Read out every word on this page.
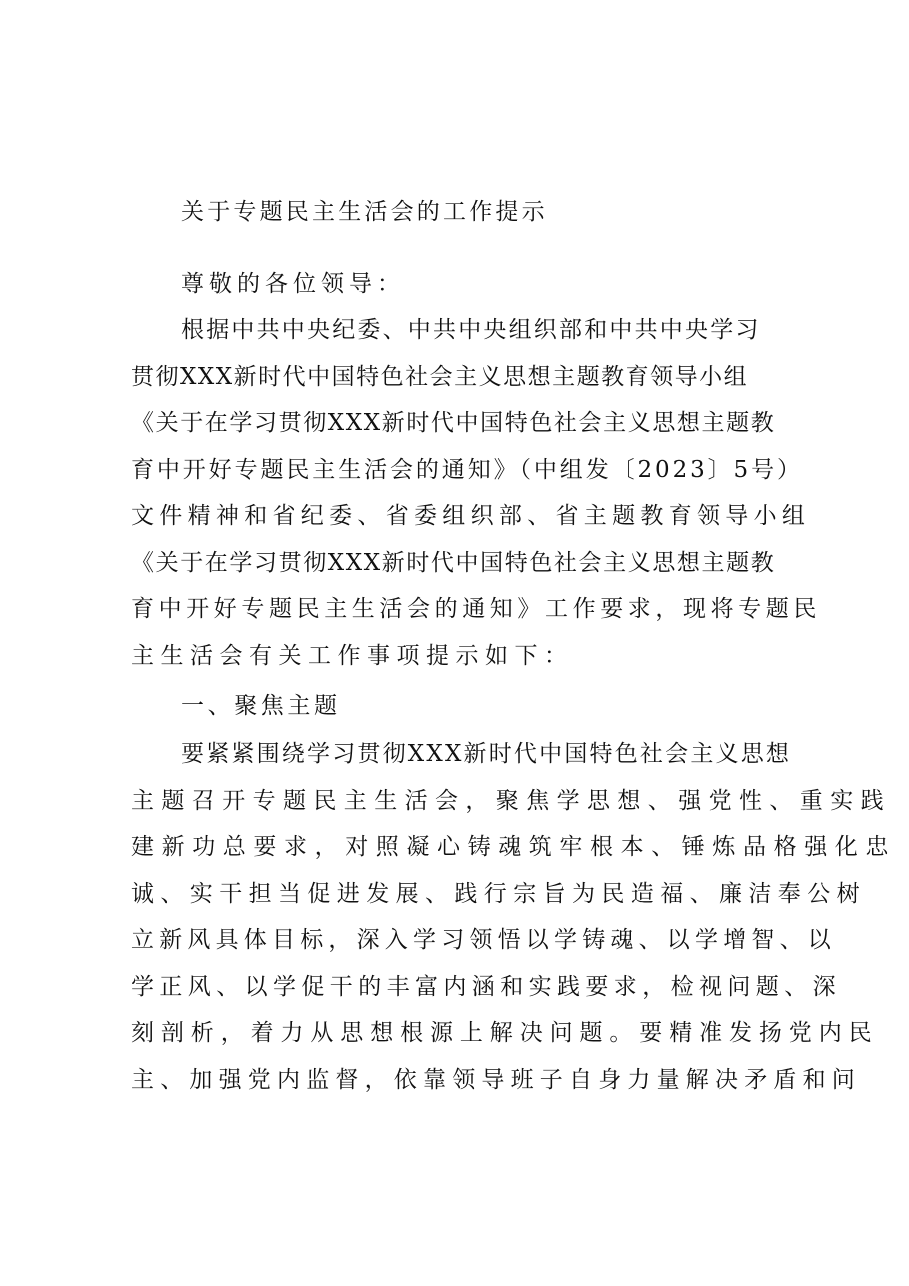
关于专题民主生活会的工作提示
尊敬的各位领导：
根据中共中央纪委、中共中央组织部和中共中央学习
贯彻XXX新时代中国特色社会主义思想主题教育领导小组
《关于在学习贯彻XXX新时代中国特色社会主义思想主题教
育中开好专题民主生活会的通知》（中组发〔2023〕5号）
文件精神和省纪委、省委组织部、省主题教育领导小组
《关于在学习贯彻XXX新时代中国特色社会主义思想主题教
育中开好专题民主生活会的通知》工作要求，现将专题民
主生活会有关工作事项提示如下：
一、聚焦主题
要紧紧围绕学习贯彻XXX新时代中国特色社会主义思想
主题召开专题民主生活会，聚焦学思想、强党性、重实践
建新功总要求，对照凝心铸魂筑牢根本、锤炼品格强化忠
诚、实干担当促进发展、践行宗旨为民造福、廉洁奉公树
立新风具体目标，深入学习领悟以学铸魂、以学增智、以
学正风、以学促干的丰富内涵和实践要求，检视问题、深
刻剖析，着力从思想根源上解决问题。要精准发扬党内民
主、加强党内监督，依靠领导班子自身力量解决矛盾和问
